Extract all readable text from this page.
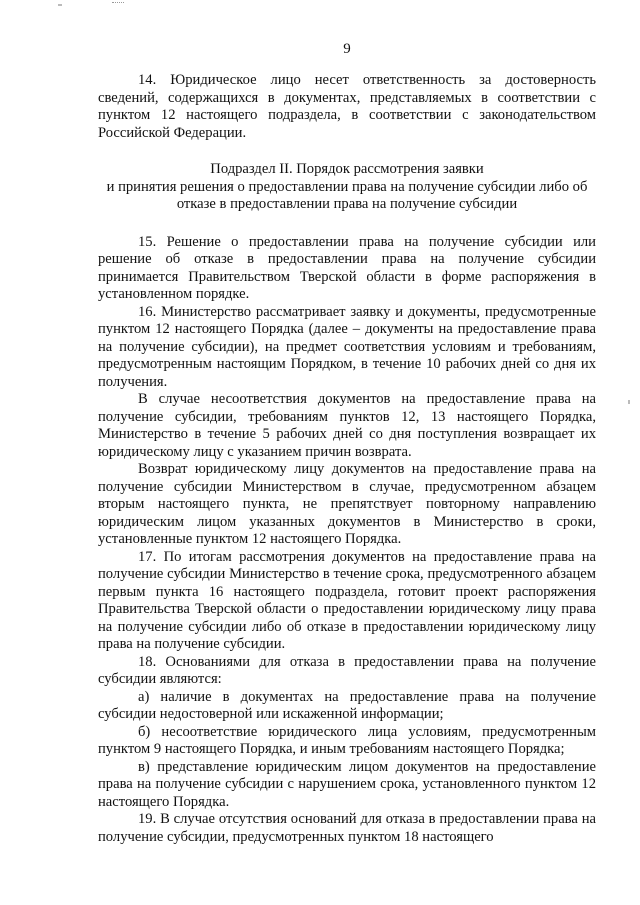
9

14. Юридическое лицо несет ответственность за достоверность сведений, содержащихся в документах, представляемых в соответствии с пунктом 12 настоящего подраздела, в соответствии с законодательством Российской Федерации.

Подраздел II. Порядок рассмотрения заявки
и принятия решения о предоставлении права на получение субсидии либо об отказе в предоставлении права на получение субсидии

15. Решение о предоставлении права на получение субсидии или решение об отказе в предоставлении права на получение субсидии принимается Правительством Тверской области в форме распоряжения в установленном порядке.

16. Министерство рассматривает заявку и документы, предусмотренные пунктом 12 настоящего Порядка (далее – документы на предоставление права на получение субсидии), на предмет соответствия условиям и требованиям, предусмотренным настоящим Порядком, в течение 10 рабочих дней со дня их получения.

В случае несоответствия документов на предоставление права на получение субсидии, требованиям пунктов 12, 13 настоящего Порядка, Министерство в течение 5 рабочих дней со дня поступления возвращает их юридическому лицу с указанием причин возврата.

Возврат юридическому лицу документов на предоставление права на получение субсидии Министерством в случае, предусмотренном абзацем вторым настоящего пункта, не препятствует повторному направлению юридическим лицом указанных документов в Министерство в сроки, установленные пунктом 12 настоящего Порядка.

17. По итогам рассмотрения документов на предоставление права на получение субсидии Министерство в течение срока, предусмотренного абзацем первым пункта 16 настоящего подраздела, готовит проект распоряжения Правительства Тверской области о предоставлении юридическому лицу права на получение субсидии либо об отказе в предоставлении юридическому лицу права на получение субсидии.

18. Основаниями для отказа в предоставлении права на получение субсидии являются:

а) наличие в документах на предоставление права на получение субсидии недостоверной или искаженной информации;

б) несоответствие юридического лица условиям, предусмотренным пунктом 9 настоящего Порядка, и иным требованиям настоящего Порядка;

в) представление юридическим лицом документов на предоставление права на получение субсидии с нарушением срока, установленного пунктом 12 настоящего Порядка.

19. В случае отсутствия оснований для отказа в предоставлении права на получение субсидии, предусмотренных пунктом 18 настоящего
